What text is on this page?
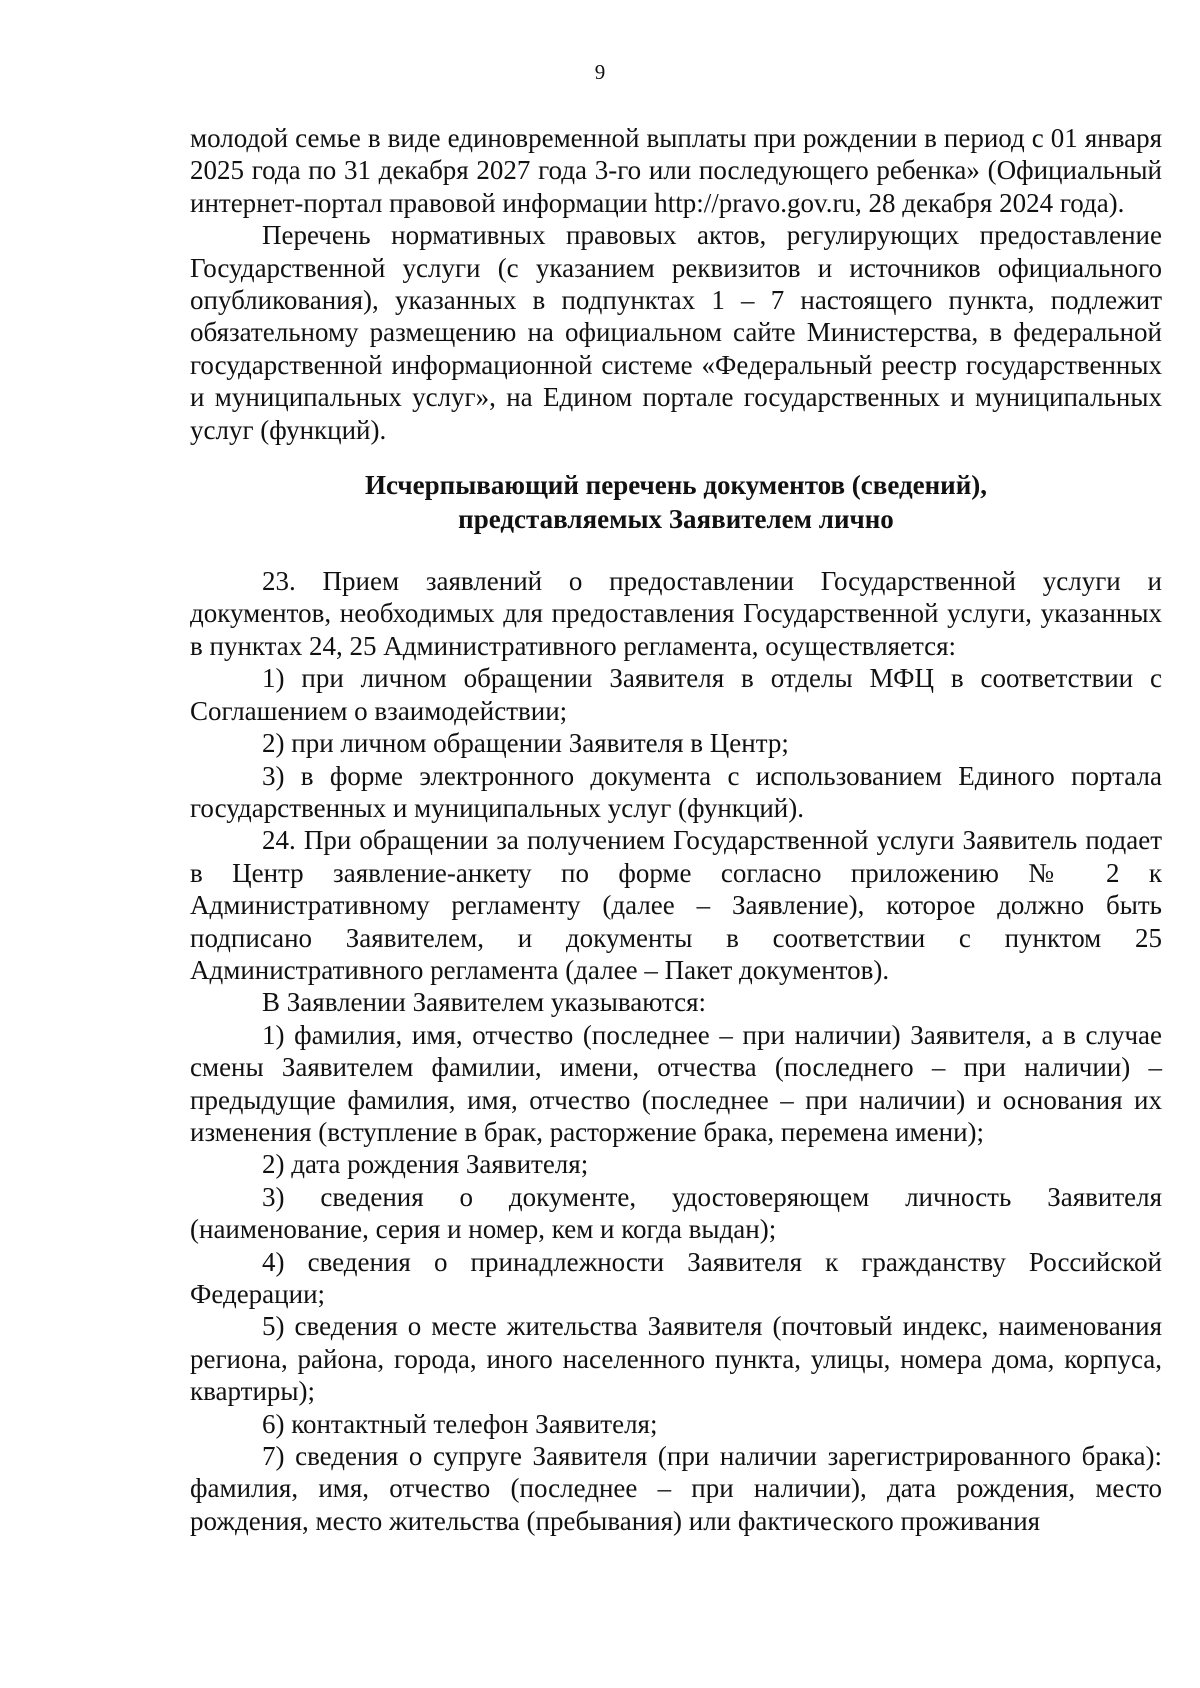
9

молодой семье в виде единовременной выплаты при рождении в период с 01 января 2025 года по 31 декабря 2027 года 3-го или последующего ребенка» (Официальный интернет-портал правовой информации http://pravo.gov.ru, 28 декабря 2024 года).

Перечень нормативных правовых актов, регулирующих предоставление Государственной услуги (с указанием реквизитов и источников официального опубликования), указанных в подпунктах 1 – 7 настоящего пункта, подлежит обязательному размещению на официальном сайте Министерства, в федеральной государственной информационной системе «Федеральный реестр государственных и муниципальных услуг», на Едином портале государственных и муниципальных услуг (функций).

Исчерпывающий перечень документов (сведений),
представляемых Заявителем лично

23. Прием заявлений о предоставлении Государственной услуги и документов, необходимых для предоставления Государственной услуги, указанных в пунктах 24, 25 Административного регламента, осуществляется:

1) при личном обращении Заявителя в отделы МФЦ в соответствии с Соглашением о взаимодействии;

2) при личном обращении Заявителя в Центр;

3) в форме электронного документа с использованием Единого портала государственных и муниципальных услуг (функций).

24. При обращении за получением Государственной услуги Заявитель подает в Центр заявление-анкету по форме согласно приложению № 2 к Административному регламенту (далее – Заявление), которое должно быть подписано Заявителем, и документы в соответствии с пунктом 25 Административного регламента (далее – Пакет документов).

В Заявлении Заявителем указываются:

1) фамилия, имя, отчество (последнее – при наличии) Заявителя, а в случае смены Заявителем фамилии, имени, отчества (последнего – при наличии) – предыдущие фамилия, имя, отчество (последнее – при наличии) и основания их изменения (вступление в брак, расторжение брака, перемена имени);

2) дата рождения Заявителя;

3) сведения о документе, удостоверяющем личность Заявителя (наименование, серия и номер, кем и когда выдан);

4) сведения о принадлежности Заявителя к гражданству Российской Федерации;

5) сведения о месте жительства Заявителя (почтовый индекс, наименования региона, района, города, иного населенного пункта, улицы, номера дома, корпуса, квартиры);

6) контактный телефон Заявителя;

7) сведения о супруге Заявителя (при наличии зарегистрированного брака): фамилия, имя, отчество (последнее – при наличии), дата рождения, место рождения, место жительства (пребывания) или фактического проживания
